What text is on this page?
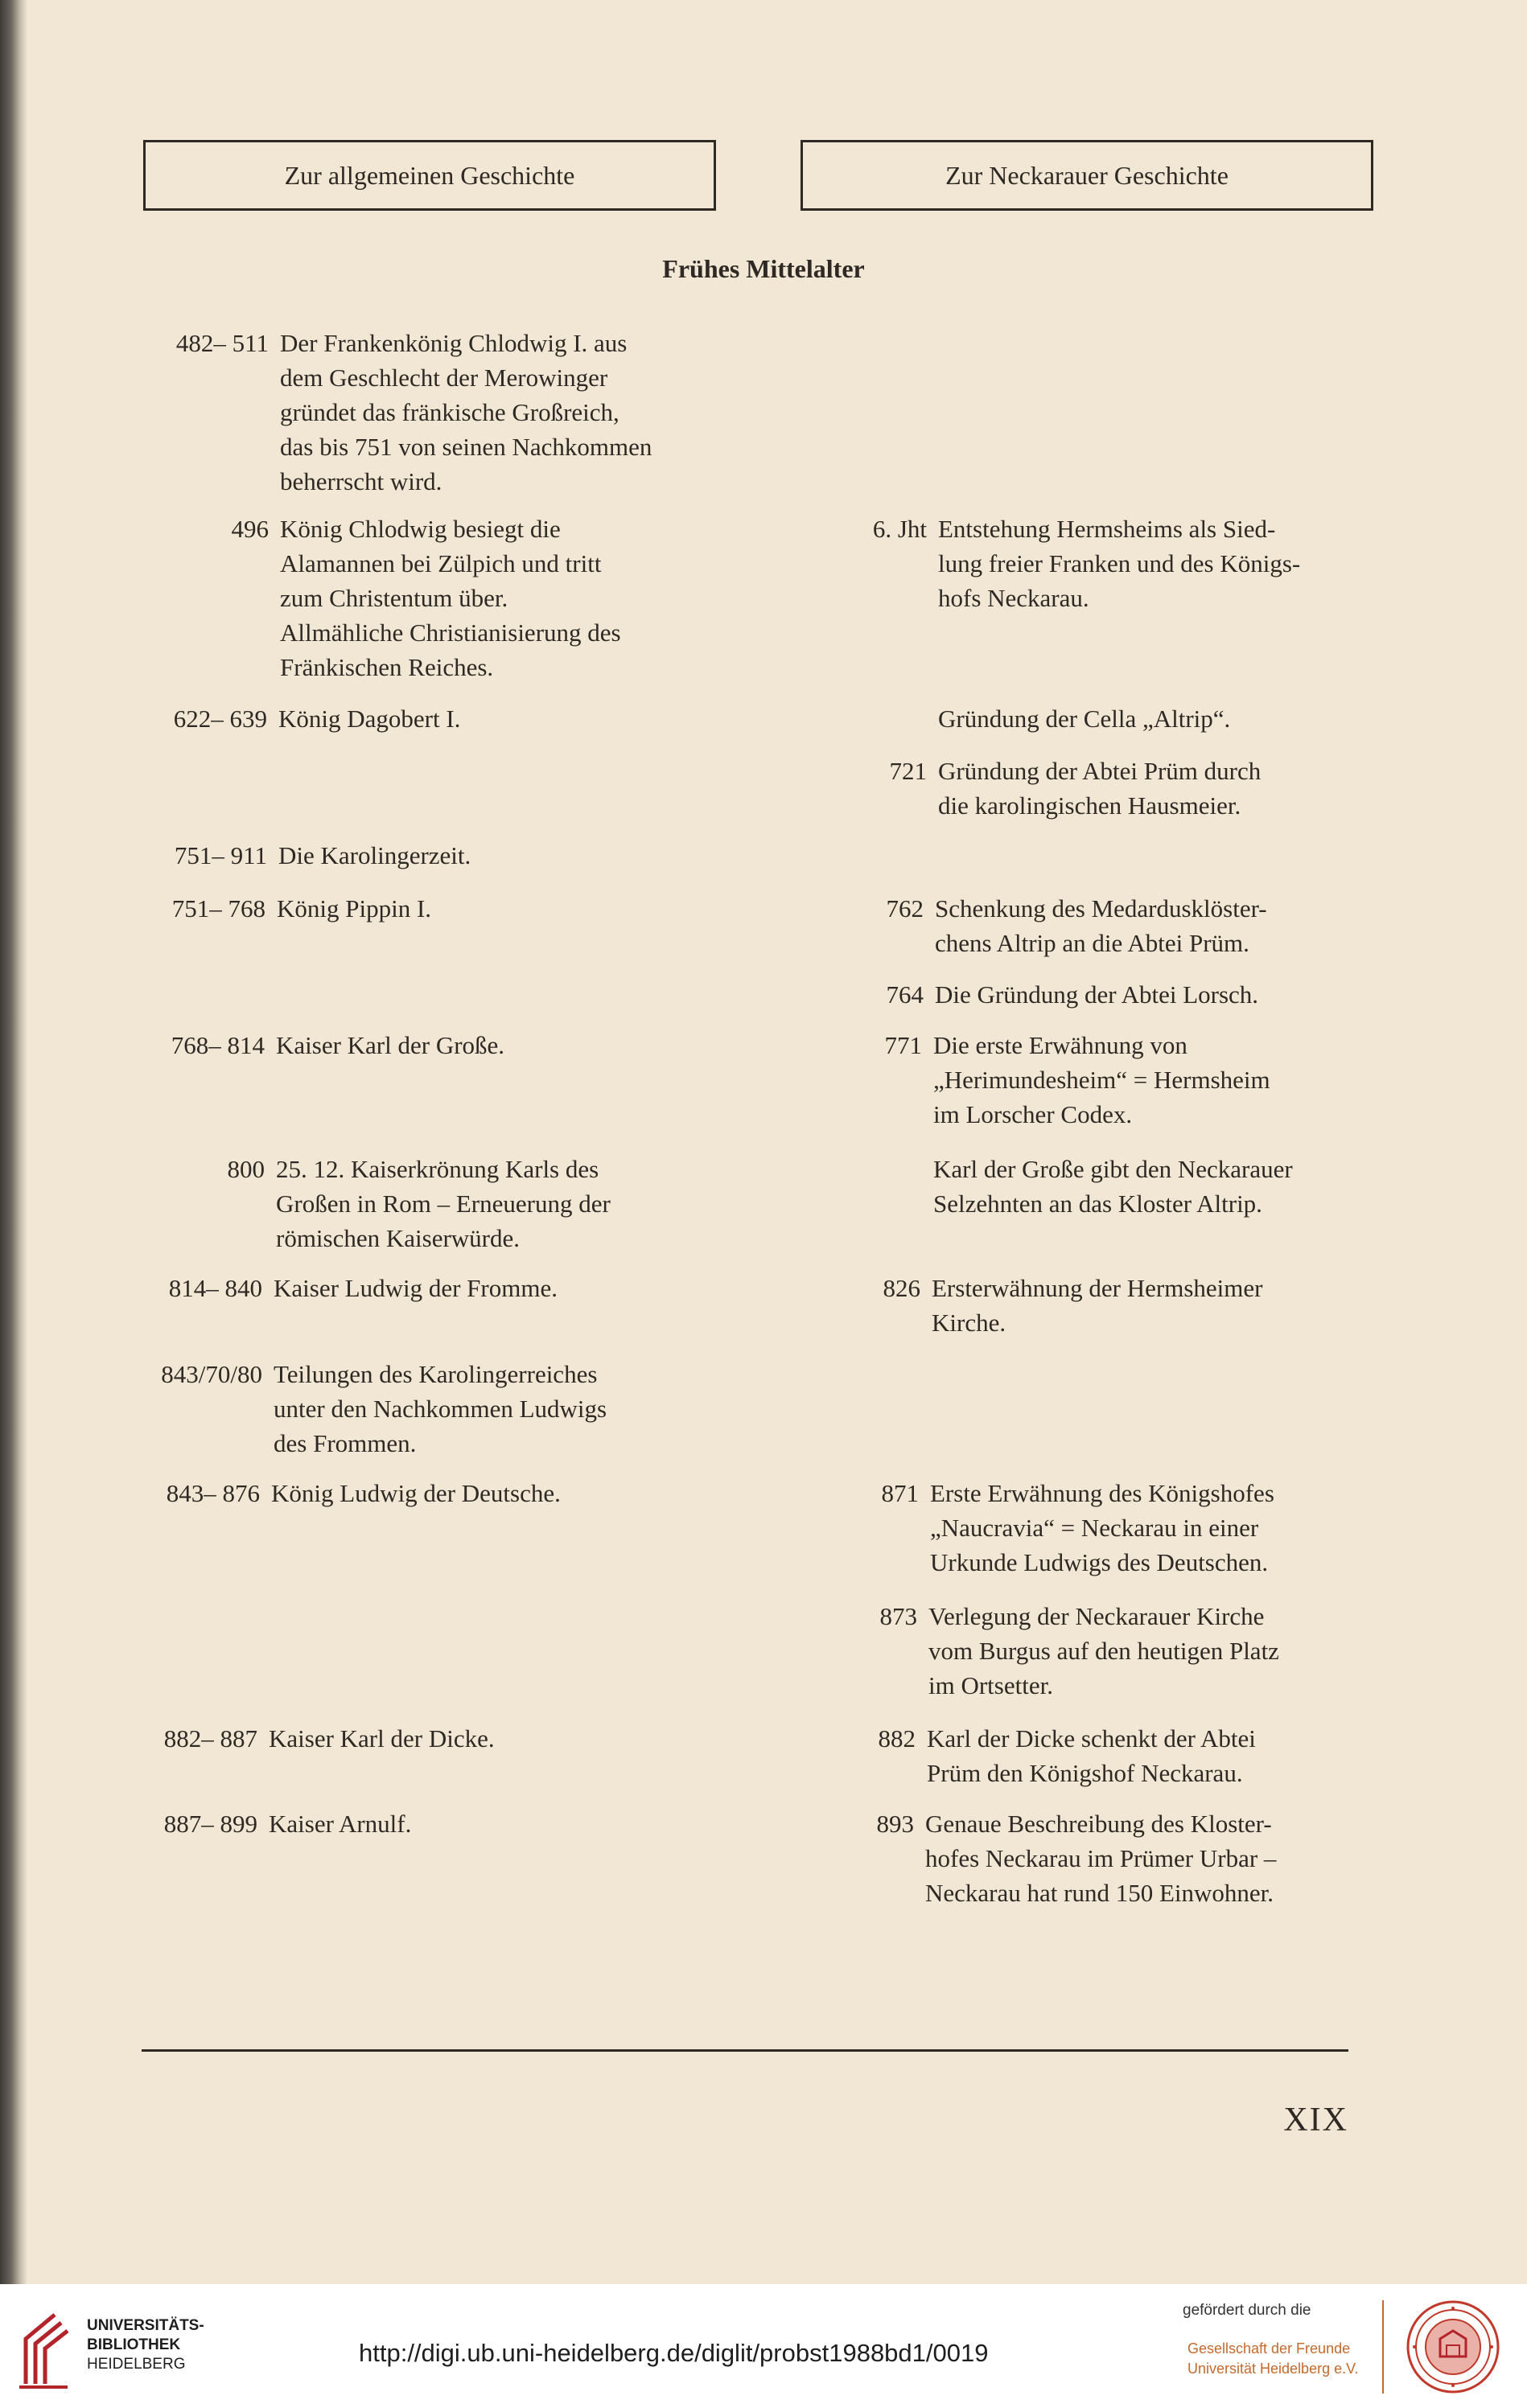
Zur allgemeinen Geschichte	Zur Neckarauer Geschichte
Frühes Mittelalter
482– 511 Der Frankenkönig Chlodwig I. aus
dem Geschlecht der Merowinger
gründet das fränkische Großreich,
das bis 751 von seinen Nachkommen
beherrscht wird.
496 König Chlodwig besiegt die
Alamannen bei Zülpich und tritt
zum Christentum über.
Allmähliche Christianisierung des
Fränkischen Reiches.
622– 639 König Dagobert I.
751– 911 Die Karolingerzeit.
751– 768 König Pippin I.
768– 814 Kaiser Karl der Große.
800 25. 12. Kaiserkrönung Karls des
Großen in Rom – Erneuerung der
römischen Kaiserwürde.
814– 840 Kaiser Ludwig der Fromme.
843/70/80 Teilungen des Karolingerreiches
unter den Nachkommen Ludwigs
des Frommen.
843– 876 König Ludwig der Deutsche.
882– 887 Kaiser Karl der Dicke.
887– 899 Kaiser Arnulf.
6. Jht Entstehung Hermsheims als Sied-
lung freier Franken und des Königs-
hofs Neckarau.
Gründung der Cella „Altrip“.
721 Gründung der Abtei Prüm durch
die karolingischen Hausmeier.
762 Schenkung des Medardusklöster-
chens Altrip an die Abtei Prüm.
764 Die Gründung der Abtei Lorsch.
771 Die erste Erwähnung von
„Herimundesheim“ = Hermsheim
im Lorscher Codex.
Karl der Große gibt den Neckarauer
Selzehnten an das Kloster Altrip.
826 Ersterwähnung der Hermsheimer
Kirche.
871 Erste Erwähnung des Königshofes
„Naucravia“ = Neckarau in einer
Urkunde Ludwigs des Deutschen.
873 Verlegung der Neckarauer Kirche
vom Burgus auf den heutigen Platz
im Ortsetter.
882 Karl der Dicke schenkt der Abtei
Prüm den Königshof Neckarau.
893 Genaue Beschreibung des Kloster-
hofes Neckarau im Prümer Urbar –
Neckarau hat rund 150 Einwohner.
XIX
UNIVERSITÄTS-
BIBLIOTHEK
HEIDELBERG	http://digi.ub.uni-heidelberg.de/diglit/probst1988bd1/0019
gefördert durch die
Gesellschaft der Freunde
Universität Heidelberg e.V.
